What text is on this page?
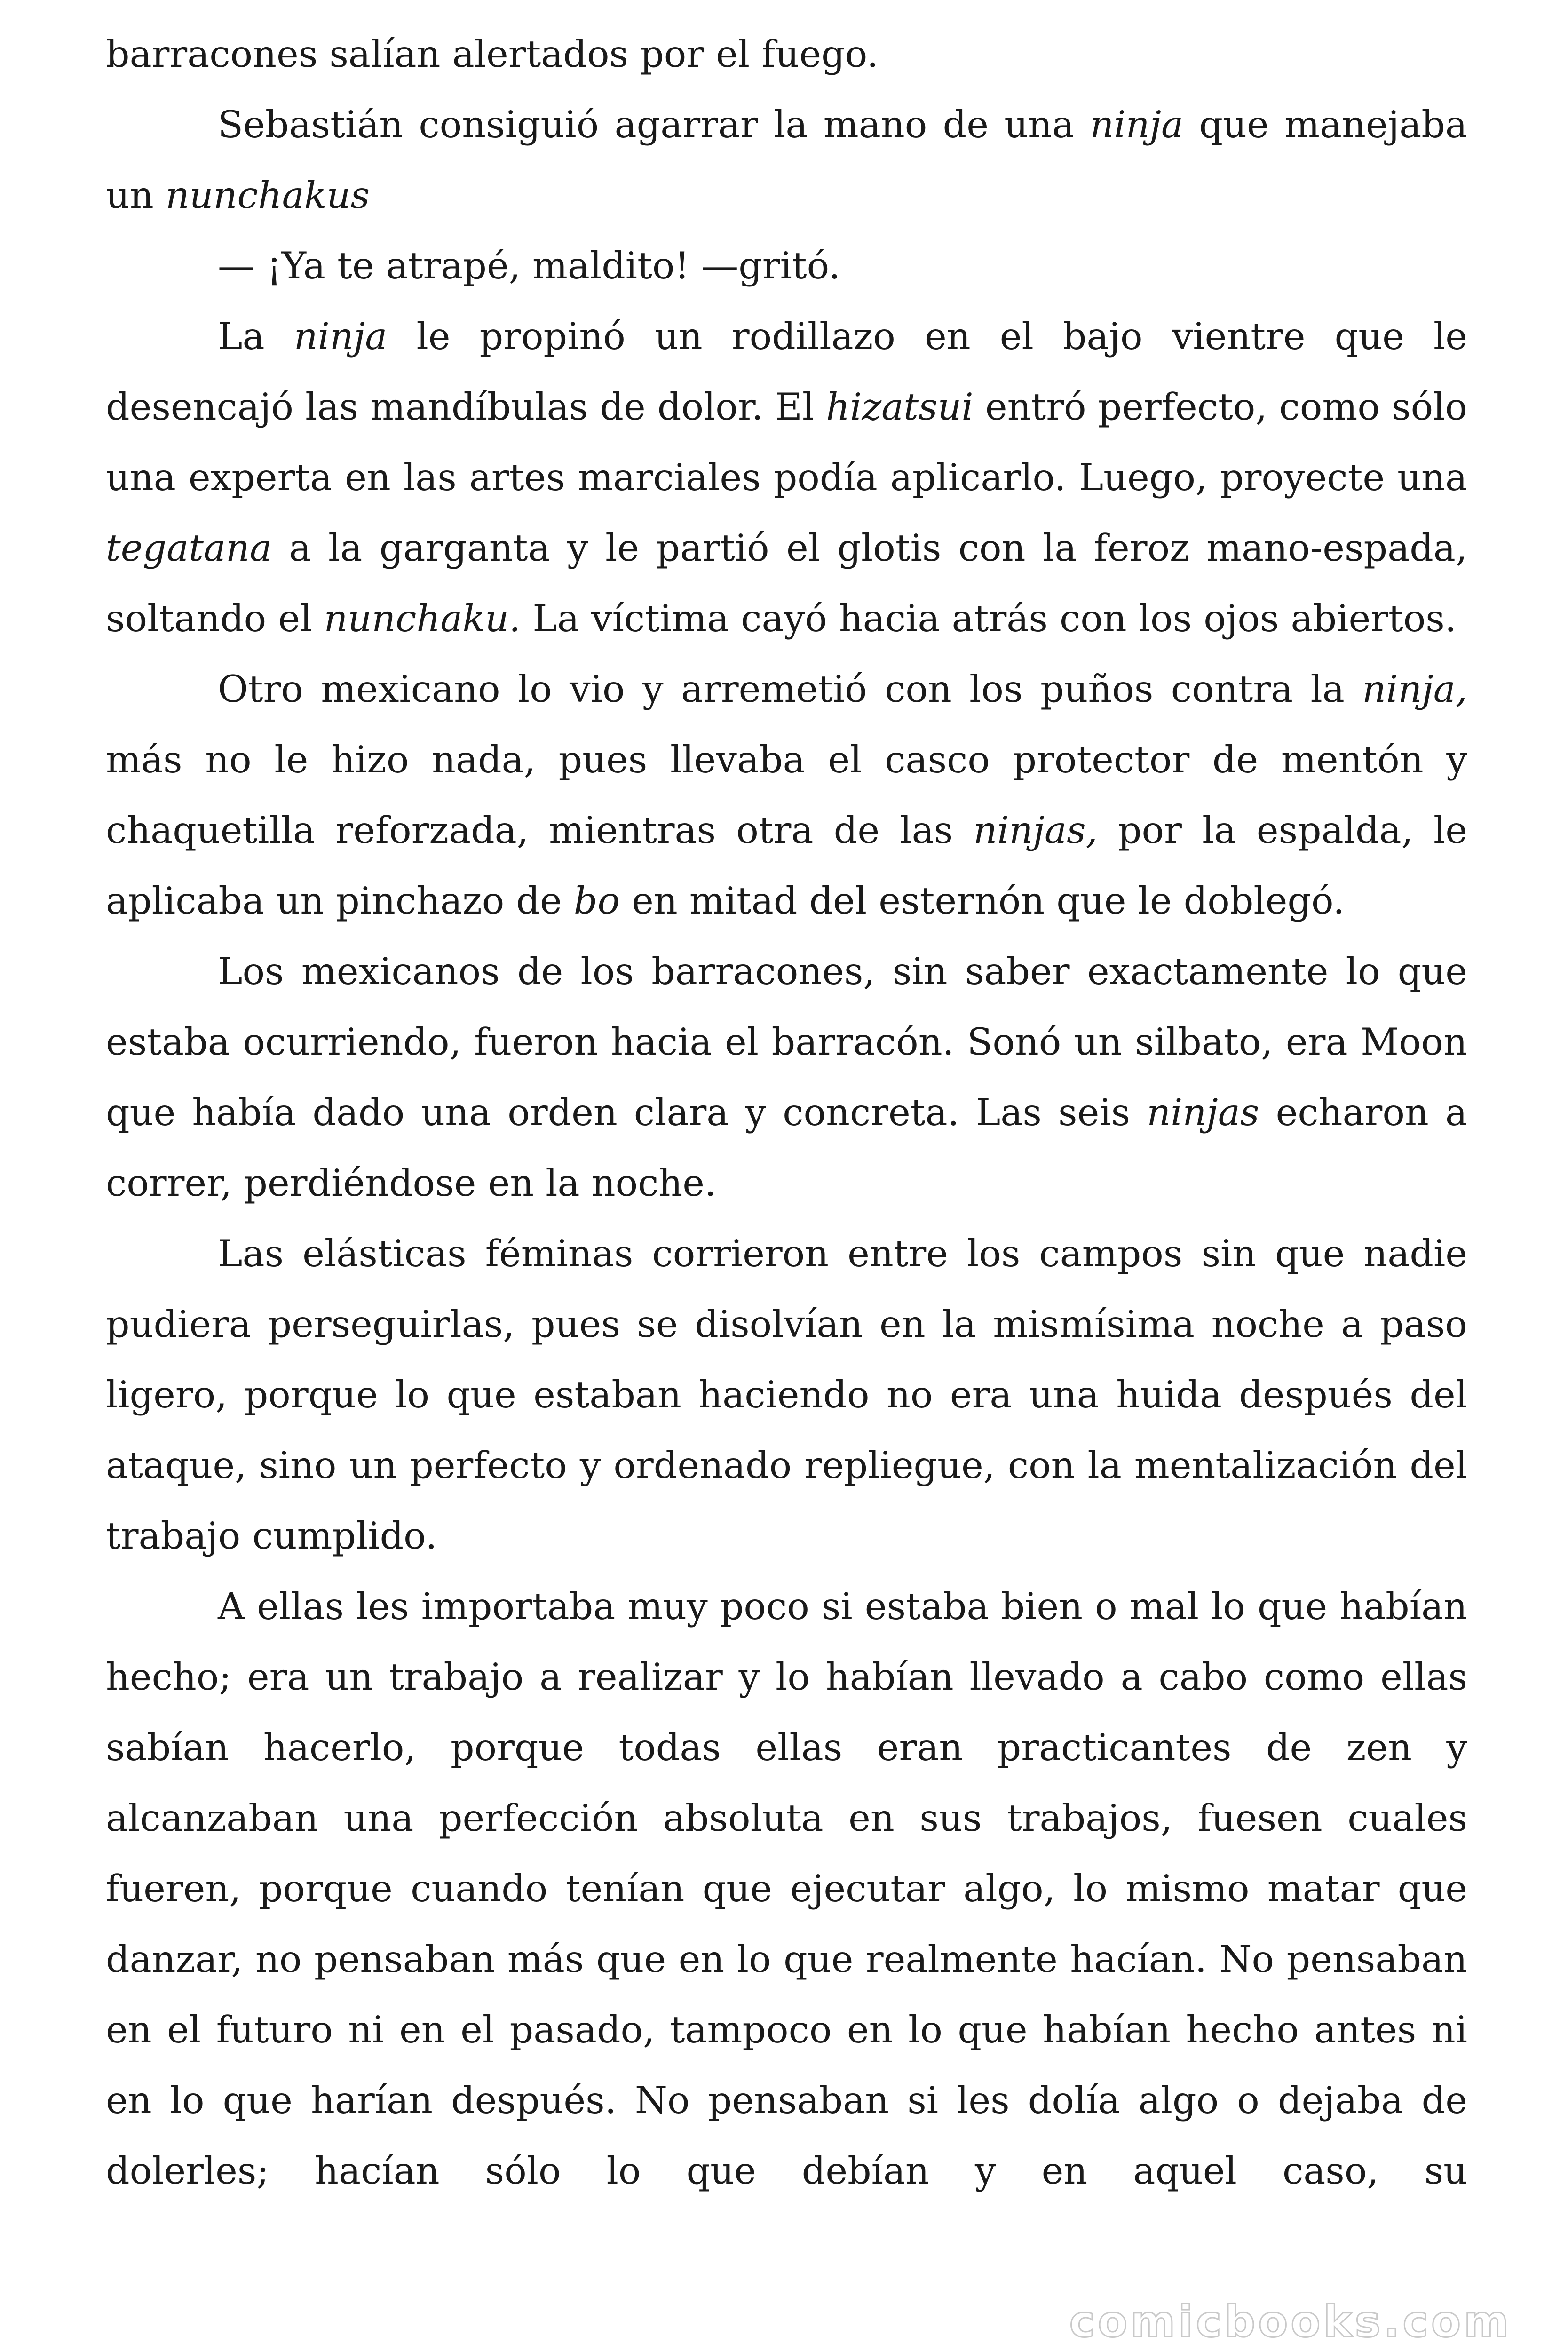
barracones salían alertados por el fuego.

Sebastián consiguió agarrar la mano de una ninja que manejaba un nunchakus

— ¡Ya te atrapé, maldito! —gritó.

La ninja le propinó un rodillazo en el bajo vientre que le desencajó las mandíbulas de dolor. El hizatsui entró perfecto, como sólo una experta en las artes marciales podía aplicarlo. Luego, proyecte una tegatana a la garganta y le partió el glotis con la feroz mano-espada, soltando el nunchaku. La víctima cayó hacia atrás con los ojos abiertos.

Otro mexicano lo vio y arremetió con los puños contra la ninja, más no le hizo nada, pues llevaba el casco protector de mentón y chaquetilla reforzada, mientras otra de las ninjas, por la espalda, le aplicaba un pinchazo de bo en mitad del esternón que le doblegó.

Los mexicanos de los barracones, sin saber exactamente lo que estaba ocurriendo, fueron hacia el barracón. Sonó un silbato, era Moon que había dado una orden clara y concreta. Las seis ninjas echaron a correr, perdiéndose en la noche.

Las elásticas féminas corrieron entre los campos sin que nadie pudiera perseguirlas, pues se disolvían en la mismísima noche a paso ligero, porque lo que estaban haciendo no era una huida después del ataque, sino un perfecto y ordenado repliegue, con la mentalización del trabajo cumplido.

A ellas les importaba muy poco si estaba bien o mal lo que habían hecho; era un trabajo a realizar y lo habían llevado a cabo como ellas sabían hacerlo, porque todas ellas eran practicantes de zen y alcanzaban una perfección absoluta en sus trabajos, fuesen cuales fueren, porque cuando tenían que ejecutar algo, lo mismo matar que danzar, no pensaban más que en lo que realmente hacían. No pensaban en el futuro ni en el pasado, tampoco en lo que habían hecho antes ni en lo que harían después. No pensaban si les dolía algo o dejaba de dolerles; hacían sólo lo que debían y en aquel caso, su

comicbooks.com
